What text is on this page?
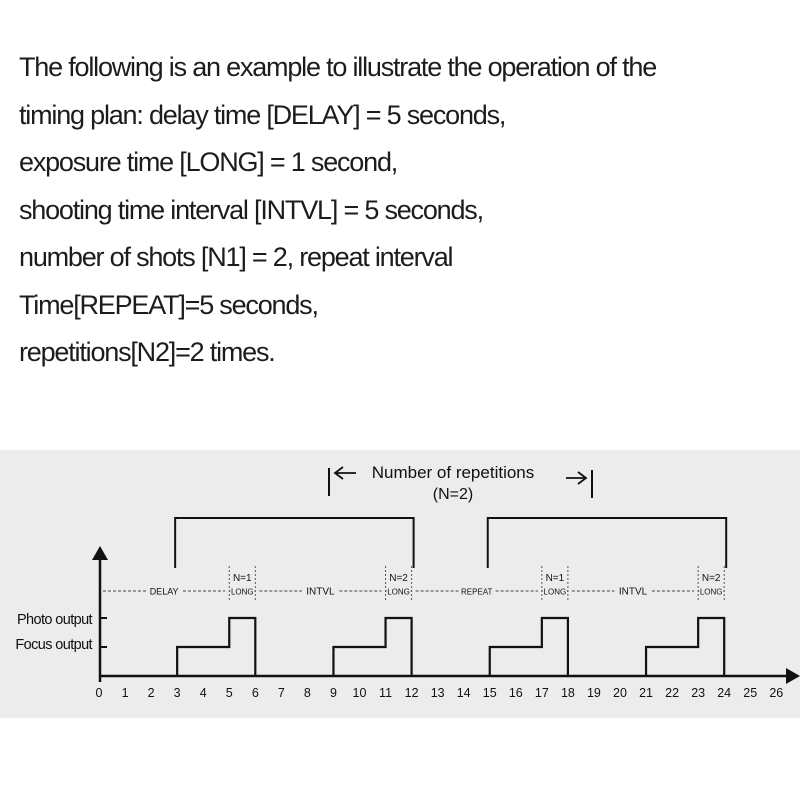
The following is an example to illustrate the operation of the

timing plan: delay time [DELAY] = 5 seconds,

exposure time [LONG] = 1 second,

shooting time interval [INTVL] = 5 seconds,

number of shots [N1] = 2, repeat interval

Time[REPEAT]=5 seconds,

repetitions[N2]=2 times.

Number of repetitions
(N=2)
DELAY	INTVL	REPEAT	INTVL
N=1
LONG
N=2
LONG
N=1
LONG
N=2
LONG
Photo output
Focus output
0 1 2 3 4 5 6 7 8 9 10 11 12 13 14 15 16 17 18 19 20 21 22 23 24 25 26
